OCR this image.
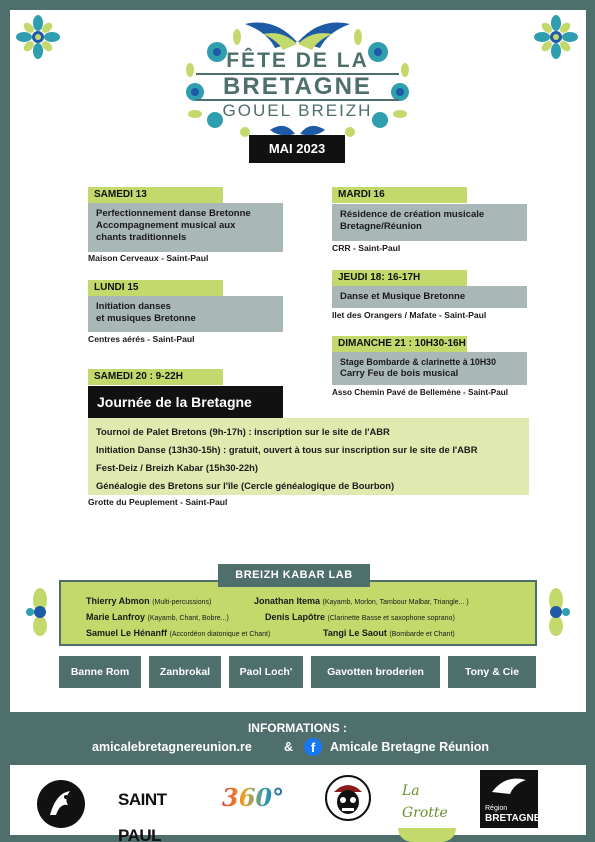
FÊTE DE LA
BRETAGNE
GOUEL BREIZH
MAI 2023
SAMEDI 13
Perfectionnement danse Bretonne
Accompagnement musical aux
chants traditionnels
Maison Cerveaux - Saint-Paul
LUNDI 15
Initiation danses
et musiques Bretonne
Centres aérés - Saint-Paul
SAMEDI 20 : 9-22H
Journée de la Bretagne
Tournoi de Palet Bretons (9h-17h) : inscription sur le site de l'ABR
Initiation Danse (13h30-15h) : gratuit, ouvert à tous sur inscription sur le site de l'ABR
Fest-Deiz / Breizh Kabar (15h30-22h)
Généalogie des Bretons sur l'île (Cercle généalogique de Bourbon)
Grotte du Peuplement - Saint-Paul
MARDI 16
Résidence de création musicale
Bretagne/Réunion
CRR - Saint-Paul
JEUDI 18: 16-17H
Danse et Musique Bretonne
Ilet des Orangers / Mafate - Saint-Paul
DIMANCHE 21 : 10H30-16H
Stage Bombarde & clarinette à 10H30
Carry Feu de bois musical
Asso Chemin Pavé de Bellemène - Saint-Paul
BREIZH KABAR LAB
Thierry Abmon (Multi-percussions)	Jonathan Itema (Kayamb, Morlon, Tambour Malbar, Triangle... )
Marie Lanfroy (Kayamb, Chant, Bobre...)	Denis Lapôtre (Clarinette Basse et saxophone soprano)
Samuel Le Hénanff (Accordéon diatonique et Chant)	Tangi Le Saout (Bombarde et Chant)
Banne Rom	Zanbrokal	Paol Loch'	Gavotten broderien	Tony & Cie
INFORMATIONS :
amicalebretagnereunion.re	&	f	Amicale Bretagne Réunion
SAINT PAUL
360°	La Grotte	Région
BRETAGNE
